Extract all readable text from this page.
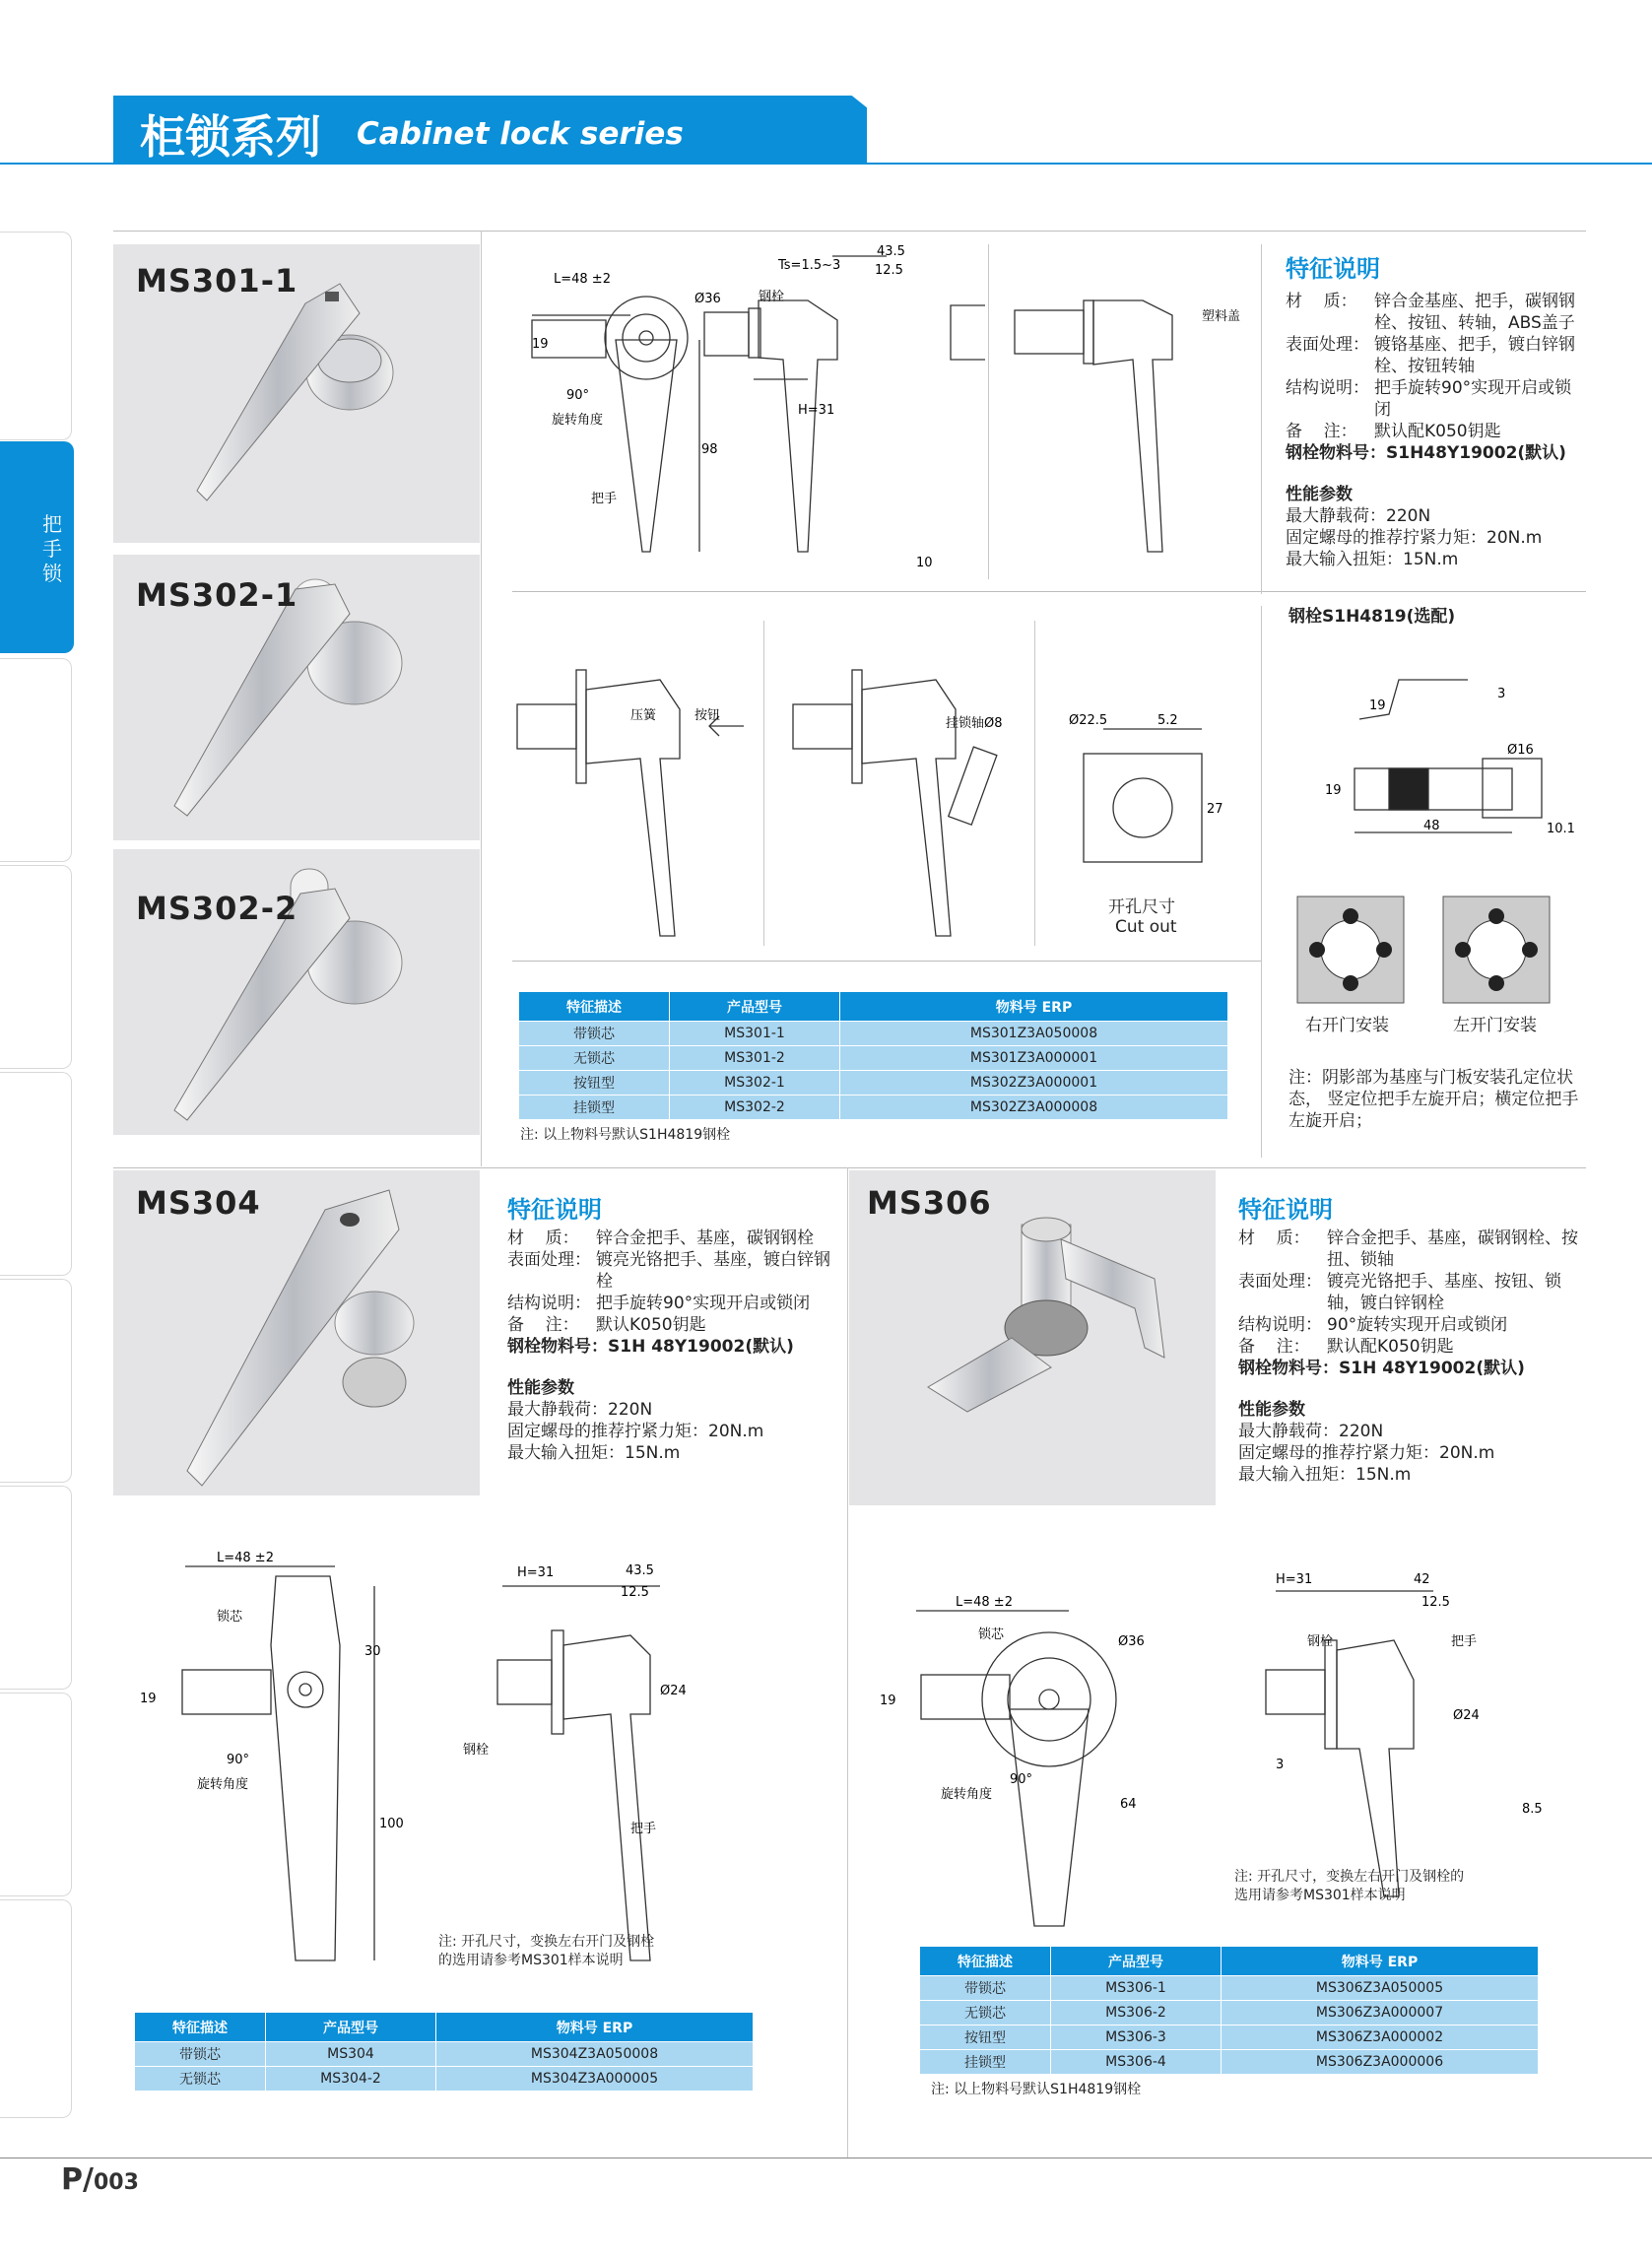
柜锁系列 Cabinet lock series
把手锁
MS301-1
MS302-1
MS302-2
L=48 ±2
Ø36
19
90°
旋转角度
98
把手
Ts=1.5~3
43.5
12.5
钢栓
H=31
10
塑料盖
特征说明
材    质：	锌合金基座、把手，碳钢钢栓、按钮、转轴，ABS盖子
表面处理： 镀铬基座、把手，镀白锌钢栓、按钮转轴
结构说明： 把手旋转90°实现开启或锁闭
备    注：	默认配K050钥匙
钢栓物料号：S1H48Y19002(默认)
性能参数
最大静载荷：220N
固定螺母的推荐拧紧力矩：20N.m
最大输入扭矩：15N.m
钢栓S1H4819(选配)
19
3
19
Ø16
48	10.1
右开门安装	左开门安装
注：阴影部为基座与门板安装孔定位状态， 竖定位把手左旋开启；横定位把手左旋开启；
压簧	按钮
挂锁轴Ø8	Ø22.5	5.2
27
开孔尺寸
Cut out
特征描述	产品型号	物料号 ERP
带锁芯	MS301-1	MS301Z3A050008
无锁芯	MS301-2	MS301Z3A000001
按钮型	MS302-1	MS302Z3A000001
挂锁型	MS302-2	MS302Z3A000008
注: 以上物料号默认S1H4819钢栓
MS304	特征说明
材    质：	锌合金把手、基座，碳钢钢栓
表面处理： 镀亮光铬把手、基座，镀白锌钢栓
结构说明： 把手旋转90°实现开启或锁闭
备    注：	默认K050钥匙
钢栓物料号：S1H 48Y19002(默认)
性能参数
最大静载荷：220N
固定螺母的推荐拧紧力矩：20N.m
最大输入扭矩：15N.m
MS306	特征说明
材    质：	锌合金把手、基座，碳钢钢栓、按扭、锁轴
表面处理： 镀亮光铬把手、基座、按钮、锁轴，镀白锌钢栓
结构说明： 90°旋转实现开启或锁闭
备    注：	默认配K050钥匙
钢栓物料号：S1H 48Y19002(默认)
性能参数
最大静载荷：220N
固定螺母的推荐拧紧力矩：20N.m
最大输入扭矩：15N.m
L=48 ±2
锁芯
30
19
90°
旋转角度
100
H=31	43.5
12.5
Ø24
钢栓
把手
注: 开孔尺寸，变换左右开门及钢栓的选用请参考MS301样本说明
L=48 ±2
锁芯	Ø36
19
90°
旋转角度
64
H=31	42
12.5
钢栓	把手
Ø24
3
8.5
注: 开孔尺寸，变换左右开门及钢栓的选用请参考MS301样本说明
特征描述	产品型号	物料号 ERP
带锁芯	MS304	MS304Z3A050008
无锁芯	MS304-2	MS304Z3A000005
特征描述	产品型号	物料号 ERP
带锁芯	MS306-1	MS306Z3A050005
无锁芯	MS306-2	MS306Z3A000007
按钮型	MS306-3	MS306Z3A000002
挂锁型	MS306-4	MS306Z3A000006
注: 以上物料号默认S1H4819钢栓
P/003
